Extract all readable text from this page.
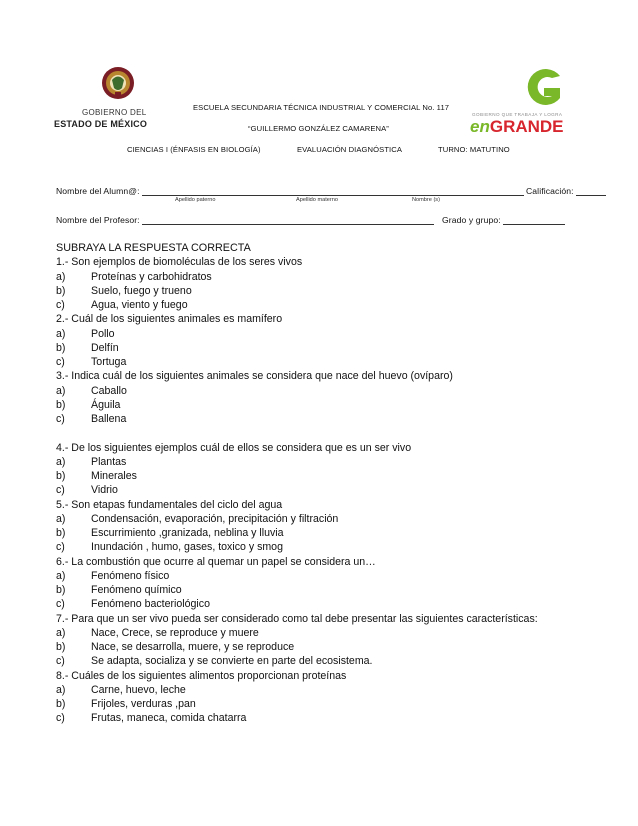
GOBIERNO DEL
ESTADO DE MÉXICO
GOBIERNO QUE TRABAJA Y LOGRA
enGRANDE
ESCUELA SECUNDARIA TÉCNICA INDUSTRIAL Y COMERCIAL No. 117
“GUILLERMO GONZÁLEZ CAMARENA”
CIENCIAS I (ÉNFASIS EN BIOLOGÍA)	EVALUACIÓN DIAGNÓSTICA	TURNO: MATUTINO
Nombre del Alumn@:	Calificación:
Apellido paterno	Apellido materno	Nombre (s)
Nombre del Profesor:	Grado y grupo:
SUBRAYA LA RESPUESTA CORRECTA
1.- Son ejemplos de biomoléculas de los seres vivos
a)	Proteínas y carbohidratos
b)	Suelo, fuego y trueno
c)	Agua, viento y fuego
2.- Cuál de los siguientes animales es mamífero
a)	Pollo
b)	Delfín
c)	Tortuga
3.- Indica cuál de los siguientes animales se considera que nace del huevo (ovíparo)
a)	Caballo
b)	Águila
c)	Ballena
4.- De los siguientes ejemplos cuál de ellos se considera que es un ser vivo
a)	Plantas
b)	Minerales
c)	Vidrio
5.- Son etapas fundamentales del ciclo del agua
a)	Condensación, evaporación, precipitación y filtración
b)	Escurrimiento ,granizada, neblina y lluvia
c)	Inundación , humo, gases, toxico y smog
6.- La combustión que ocurre al quemar un papel se considera un…
a)	Fenómeno físico
b)	Fenómeno químico
c)	Fenómeno bacteriológico
7.- Para que un ser vivo pueda ser considerado como tal debe presentar las siguientes características:
a)	Nace, Crece, se reproduce y muere
b)	Nace, se desarrolla, muere, y se reproduce
c)	Se adapta, socializa y se convierte en parte del ecosistema.
8.- Cuáles de los siguientes alimentos proporcionan proteínas
a)	Carne, huevo, leche
b)	Frijoles, verduras ,pan
c)	Frutas, maneca, comida chatarra
